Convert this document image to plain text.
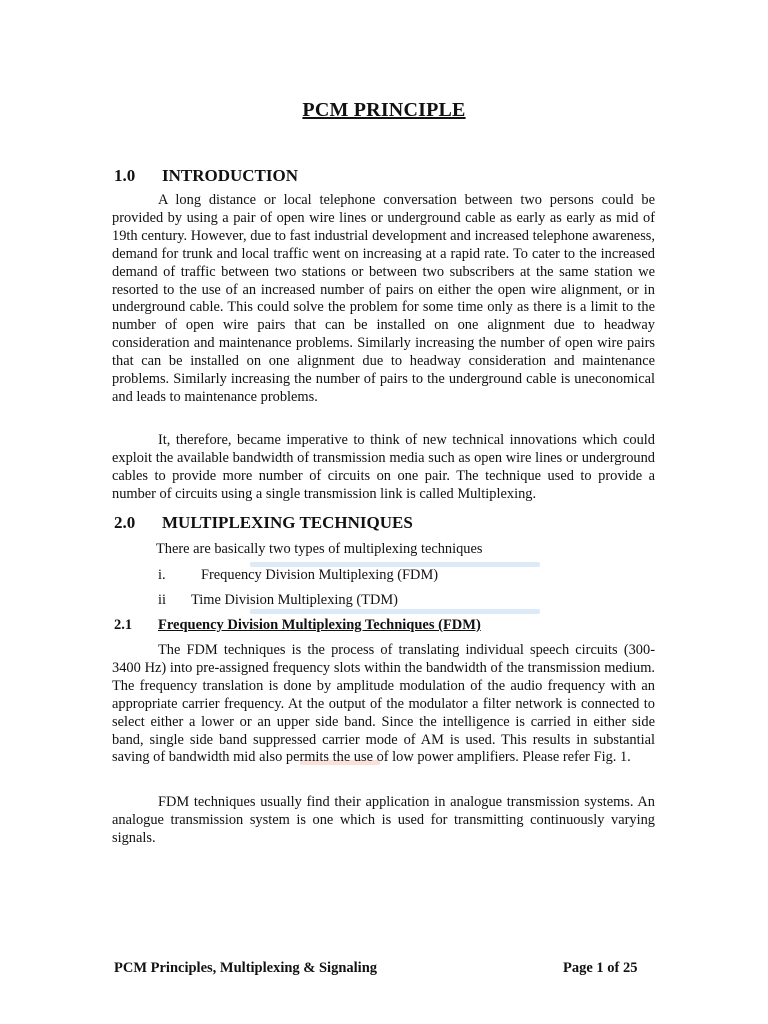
PCM PRINCIPLE
1.0 INTRODUCTION

A long distance or local telephone conversation between two persons could be provided by using a pair of open wire lines or underground cable as early as early as mid of 19th century. However, due to fast industrial development and increased telephone awareness, demand for trunk and local traffic went on increasing at a rapid rate. To cater to the increased demand of traffic between two stations or between two subscribers at the same station we resorted to the use of an increased number of pairs on either the open wire alignment, or in underground cable. This could solve the problem for some time only as there is a limit to the number of open wire pairs that can be installed on one alignment due to headway consideration and maintenance problems. Similarly increasing the number of open wire pairs that can be installed on one alignment due to headway consideration and maintenance problems. Similarly increasing the number of pairs to the underground cable is uneconomical and leads to maintenance problems.

It, therefore, became imperative to think of new technical innovations which could exploit the available bandwidth of transmission media such as open wire lines or underground cables to provide more number of circuits on one pair. The technique used to provide a number of circuits using a single transmission link is called Multiplexing.

2.0 MULTIPLEXING TECHNIQUES
There are basically two types of multiplexing techniques
i. Frequency Division Multiplexing (FDM)
ii Time Division Multiplexing (TDM)
2.1 Frequency Division Multiplexing Techniques (FDM)

The FDM techniques is the process of translating individual speech circuits (300-3400 Hz) into pre-assigned frequency slots within the bandwidth of the transmission medium. The frequency translation is done by amplitude modulation of the audio frequency with an appropriate carrier frequency. At the output of the modulator a filter network is connected to select either a lower or an upper side band. Since the intelligence is carried in either side band, single side band suppressed carrier mode of AM is used. This results in substantial saving of bandwidth mid also permits the use of low power amplifiers. Please refer Fig. 1.

FDM techniques usually find their application in analogue transmission systems. An analogue transmission system is one which is used for transmitting continuously varying signals.

PCM Principles, Multiplexing & Signaling	Page 1 of 25
